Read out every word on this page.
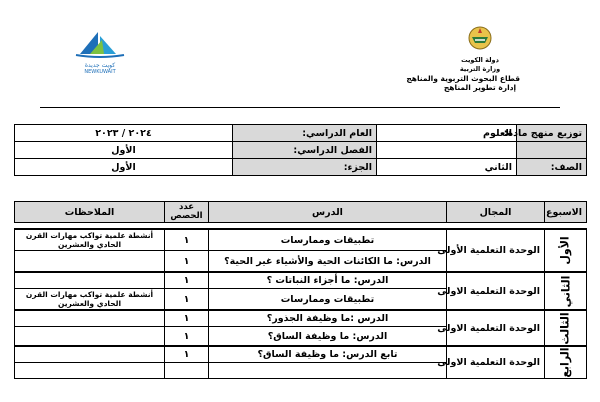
كويت جديدة
NEWKUWAIT
دولة الكويت
وزارة التربية
قطاع البحوث التربوية والمناهج
إدارة تطوير المناهج
توزيع منهج مادة:	العلوم	العام الدراسي:	٢٠٢٤ / ٢٠٢٣
		الفصل الدراسي:	الأول
الصف:	الثاني	الجزء:	الأول
الاسبوع	المجال	الدرس	عدد الحصص	الملاحظات

الأول	الوحدة التعلمية الأولى	تطبيقات وممارسات	١	أنشطة علمية تواكب مهارات القرن الحادي والعشرين
		الدرس: ما الكائنات الحية والأشياء غير الحية؟	١	
الثاني	الوحدة التعلمية الاولى	الدرس: ما أجزاء النباتات ؟	١	
		تطبيقات وممارسات	١	أنشطة علمية تواكب مهارات القرن الحادي والعشرين
الثالث	الوحدة التعلمية الاولى	الدرس :ما وظيفة الجذور؟	١	
		الدرس: ما وظيفة الساق؟	١	
الرابع	الوحدة التعلمية الاولى	تابع الدرس: ما وظيفة الساق؟	١	
